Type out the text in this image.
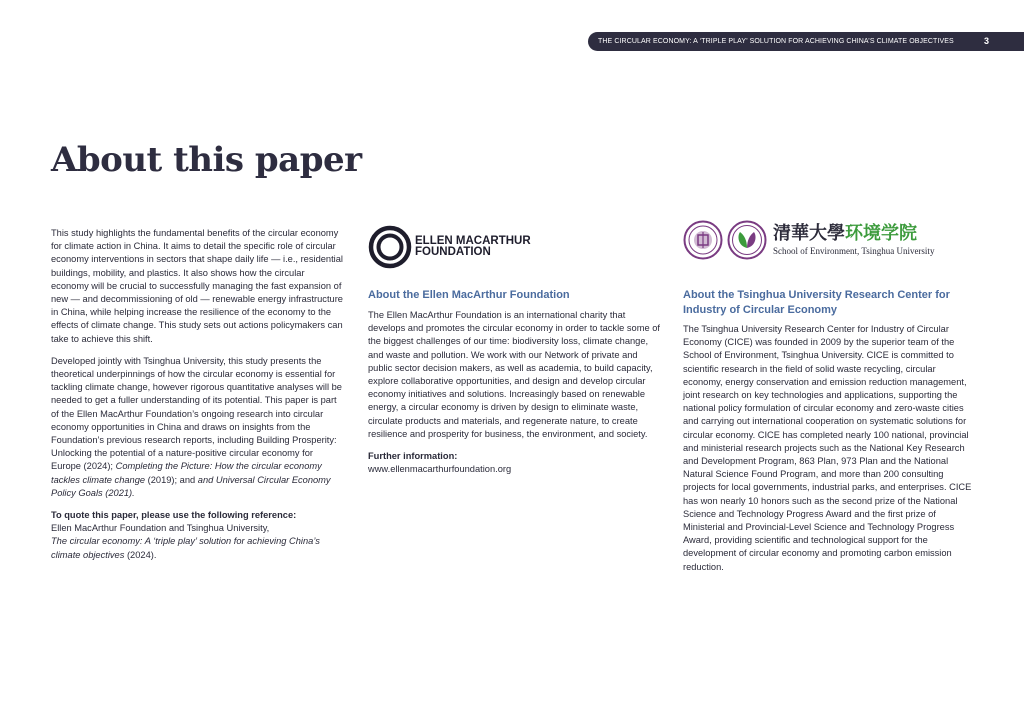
THE CIRCULAR ECONOMY: A ‘TRIPLE PLAY’ SOLUTION FOR ACHIEVING CHINA’S CLIMATE OBJECTIVES	3
About this paper

This study highlights the fundamental benefits of the circular economy for climate action in China. It aims to detail the specific role of circular economy interventions in sectors that shape daily life — i.e., residential buildings, mobility, and plastics. It also shows how the circular economy will be crucial to successfully managing the fast expansion of new — and decommissioning of old — renewable energy infrastructure in China, while helping increase the resilience of the economy to the effects of climate change. This study sets out actions policymakers can take to achieve this shift.

Developed jointly with Tsinghua University, this study presents the theoretical underpinnings of how the circular economy is essential for tackling climate change, however rigorous quantitative analyses will be needed to get a fuller understanding of its potential. This paper is part of the Ellen MacArthur Foundation’s ongoing research into circular economy opportunities in China and draws on insights from the Foundation’s previous research reports, including Building Prosperity: Unlocking the potential of a nature-positive circular economy for Europe (2024); Completing the Picture: How the circular economy tackles climate change (2019); and and Universal Circular Economy Policy Goals (2021).

To quote this paper, please use the following reference:
Ellen MacArthur Foundation and Tsinghua University,
The circular economy: A ‘triple play’ solution for achieving China’s climate objectives (2024).
ELLEN MACARTHUR
FOUNDATION
About the Ellen MacArthur Foundation

The Ellen MacArthur Foundation is an international charity that develops and promotes the circular economy in order to tackle some of the biggest challenges of our time: biodiversity loss, climate change, and waste and pollution. We work with our Network of private and public sector decision makers, as well as academia, to build capacity, explore collaborative opportunities, and design and develop circular economy initiatives and solutions. Increasingly based on renewable energy, a circular economy is driven by design to eliminate waste, circulate products and materials, and regenerate nature, to create resilience and prosperity for business, the environment, and society.

Further information:
www.ellenmacarthurfoundation.org
清華大學环境学院
School of Environment, Tsinghua University
About the Tsinghua University Research Center for Industry of Circular Economy

The Tsinghua University Research Center for Industry of Circular Economy (CICE) was founded in 2009 by the superior team of the School of Environment, Tsinghua University. CICE is committed to scientific research in the field of solid waste recycling, circular economy, energy conservation and emission reduction management, joint research on key technologies and applications, supporting the national policy formulation of circular economy and zero-waste cities and carrying out international cooperation on systematic solutions for circular economy. CICE has completed nearly 100 national, provincial and ministerial research projects such as the National Key Research and Development Program, 863 Plan, 973 Plan and the National Natural Science Found Program, and more than 200 consulting projects for local governments, industrial parks, and enterprises. CICE has won nearly 10 honors such as the second prize of the National Science and Technology Progress Award and the first prize of Ministerial and Provincial-Level Science and Technology Progress Award, providing scientific and technological support for the development of circular economy and promoting carbon emission reduction.
